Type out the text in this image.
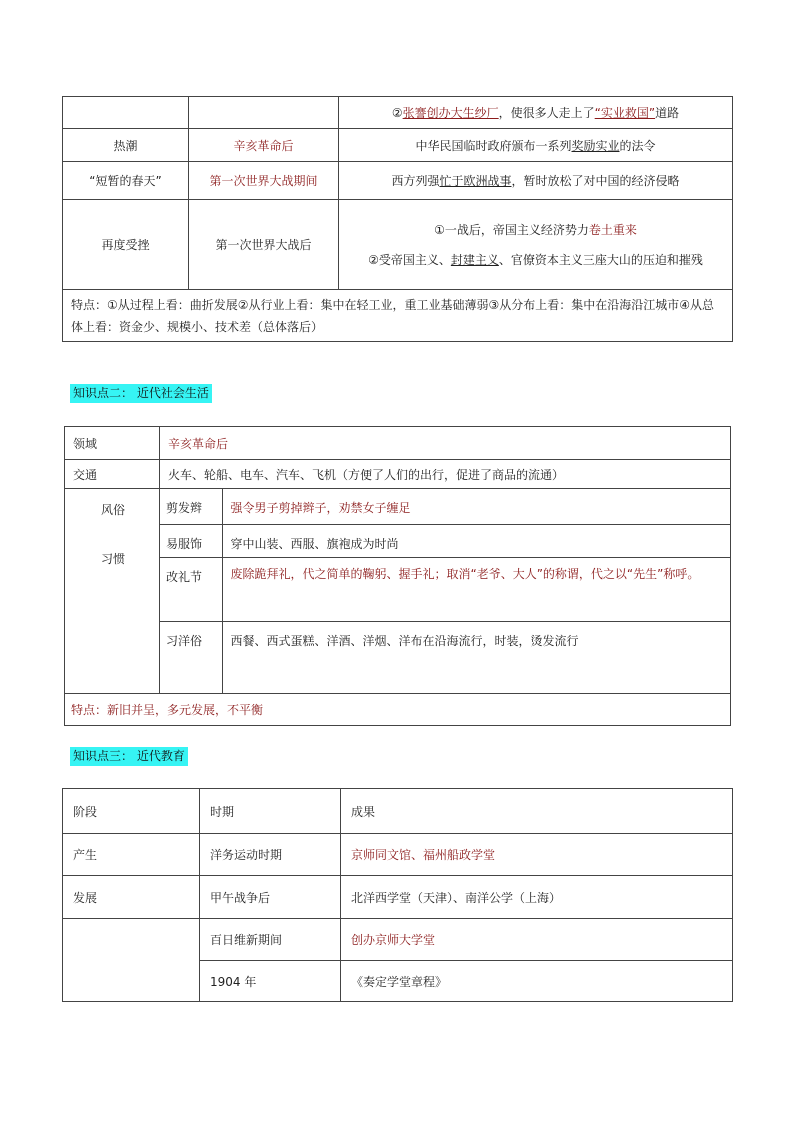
		②张謇创办大生纱厂，使很多人走上了“实业救国”道路
热潮	辛亥革命后	中华民国临时政府颁布一系列奖励实业的法令
“短暂的春天”	第一次世界大战期间	西方列强忙于欧洲战事，暂时放松了对中国的经济侵略
再度受挫	第一次世界大战后	①一战后，帝国主义经济势力卷土重来
②受帝国主义、封建主义、官僚资本主义三座大山的压迫和摧残

特点：①从过程上看：曲折发展②从行业上看：集中在轻工业，重工业基础薄弱③从分布上看：集中在沿海沿江城市④从总体上看：资金少、规模小、技术差（总体落后）		
知识点二： 近代社会生活
领域	辛亥革命后
交通	火车、轮船、电车、汽车、飞机（方便了人们的出行，促进了商品的流通）

风俗
习惯

剪发辫	强令男子剪掉辫子，劝禁女子缠足
易服饰	穿中山装、西服、旗袍成为时尚
改礼节	废除跪拜礼，代之简单的鞠躬、握手礼；取消“老爷、大人”的称谓，代之以“先生”称呼。
习洋俗	西餐、西式蛋糕、洋酒、洋烟、洋布在沿海流行，时装，烫发流行

特点：新旧并呈，多元发展，不平衡
知识点三： 近代教育
阶段	时期	成果
产生	洋务运动时期	京师同文馆、福州船政学堂
发展	甲午战争后	北洋西学堂（天津）、南洋公学（上海）
	百日维新期间	创办京师大学堂
	1904 年	《奏定学堂章程》
